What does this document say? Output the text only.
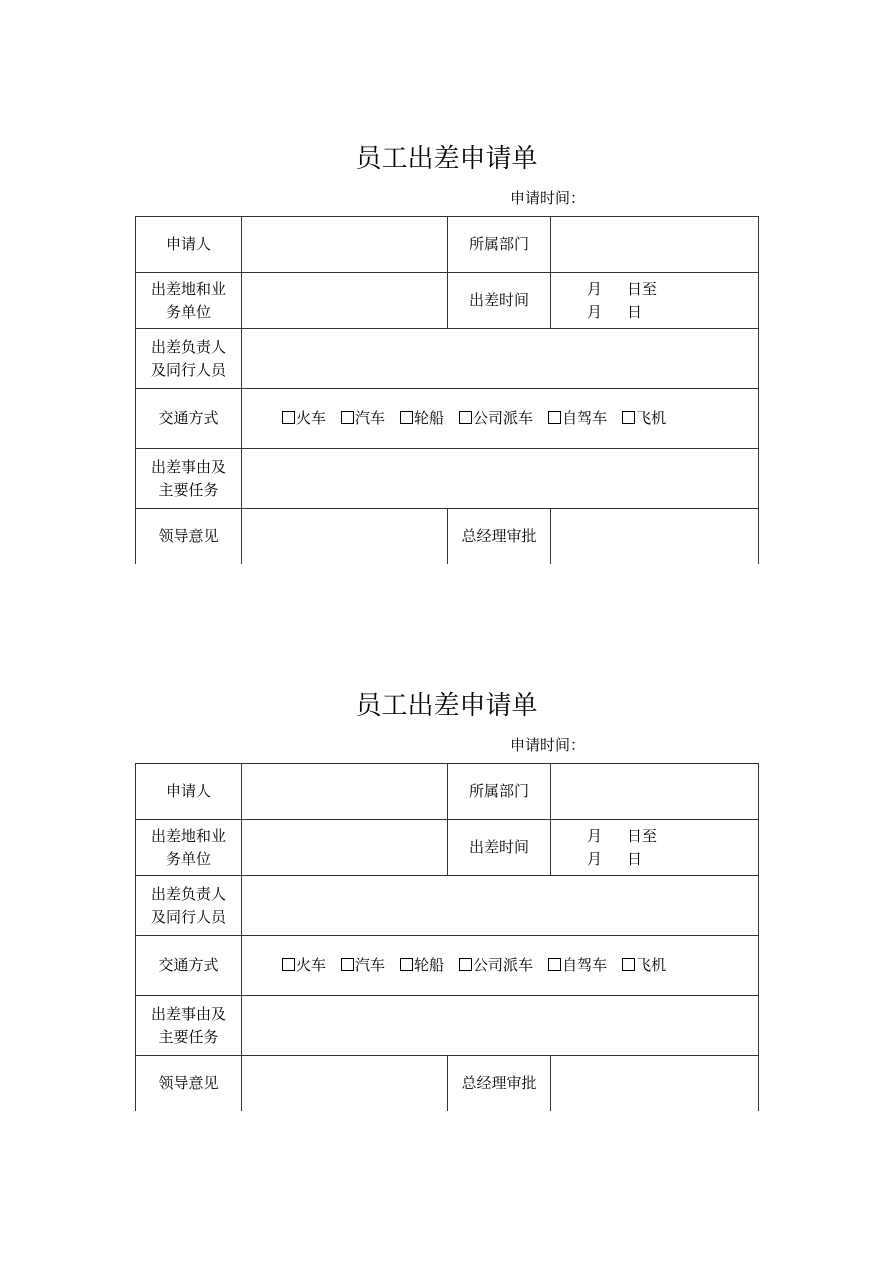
员工出差申请单
申请时间：
申请人		所属部门	
出差地和业
务单位		出差时间	月 日至
月 日
出差负责人
及同行人员			
交通方式	火车 汽车 轮船 公司派车 自驾车 飞机		
出差事由及
主要任务			
领导意见		总经理审批	
员工出差申请单
申请时间：
申请人		所属部门	
出差地和业
务单位		出差时间	月 日至
月 日
出差负责人
及同行人员			
交通方式	火车 汽车 轮船 公司派车 自驾车 飞机		
出差事由及
主要任务			
领导意见		总经理审批	
